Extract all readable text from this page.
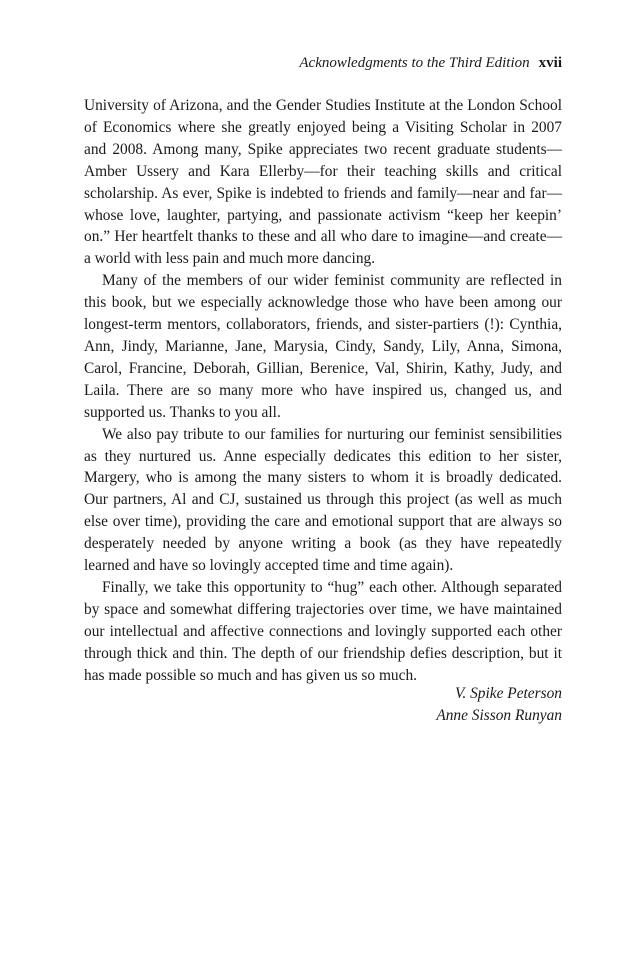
Acknowledgments to the Third Edition xvii

University of Arizona, and the Gender Studies Institute at the London School of Economics where she greatly enjoyed being a Visiting Scholar in 2007 and 2008. Among many, Spike appreciates two recent graduate students—Amber Ussery and Kara Ellerby—for their teaching skills and critical scholarship. As ever, Spike is indebted to friends and family—near and far—whose love, laughter, partying, and passionate activism “keep her keepin’ on.” Her heartfelt thanks to these and all who dare to imagine—and create—a world with less pain and much more dancing.

Many of the members of our wider feminist community are reflected in this book, but we especially acknowledge those who have been among our longest-term mentors, collaborators, friends, and sister-partiers (!): Cynthia, Ann, Jindy, Marianne, Jane, Marysia, Cindy, Sandy, Lily, Anna, Simona, Carol, Francine, Deborah, Gillian, Berenice, Val, Shirin, Kathy, Judy, and Laila. There are so many more who have inspired us, changed us, and supported us. Thanks to you all.

We also pay tribute to our families for nurturing our feminist sensibilities as they nurtured us. Anne especially dedicates this edition to her sister, Margery, who is among the many sisters to whom it is broadly dedicated. Our partners, Al and CJ, sustained us through this project (as well as much else over time), providing the care and emotional support that are always so desperately needed by anyone writing a book (as they have repeatedly learned and have so lovingly accepted time and time again).

Finally, we take this opportunity to “hug” each other. Although separated by space and somewhat differing trajectories over time, we have maintained our intellectual and affective connections and lovingly supported each other through thick and thin. The depth of our friendship defies description, but it has made possible so much and has given us so much.

V. Spike Peterson
Anne Sisson Runyan
